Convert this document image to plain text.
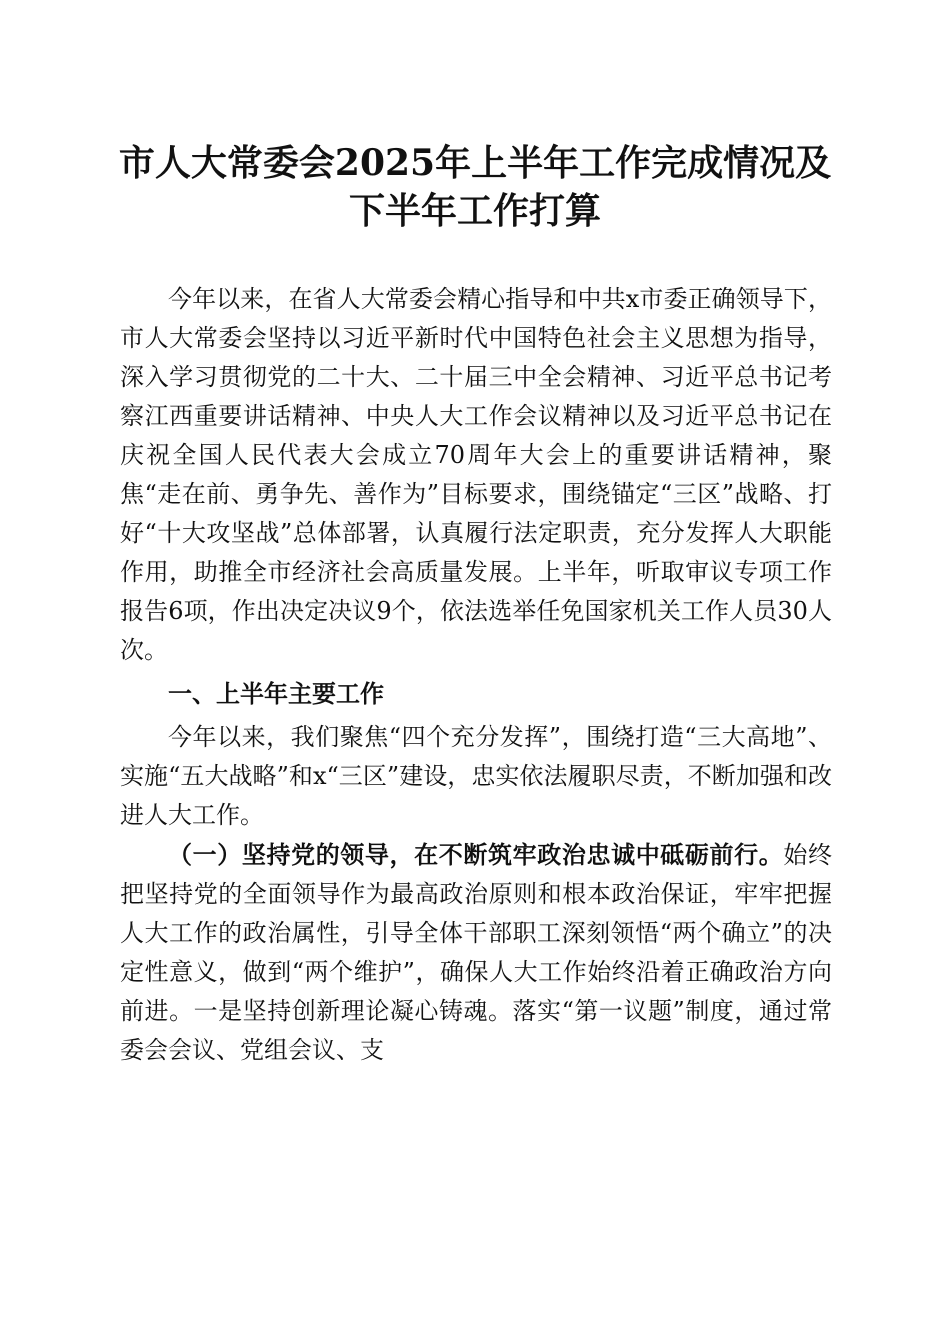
市人大常委会2025年上半年工作完成情况及
下半年工作打算

今年以来，在省人大常委会精心指导和中共x市委正确领导下，市人大常委会坚持以习近平新时代中国特色社会主义思想为指导，深入学习贯彻党的二十大、二十届三中全会精神、习近平总书记考察江西重要讲话精神、中央人大工作会议精神以及习近平总书记在庆祝全国人民代表大会成立70周年大会上的重要讲话精神，聚焦“走在前、勇争先、善作为”目标要求，围绕锚定“三区”战略、打好“十大攻坚战”总体部署，认真履行法定职责，充分发挥人大职能作用，助推全市经济社会高质量发展。上半年，听取审议专项工作报告6项，作出决定决议9个，依法选举任免国家机关工作人员30人次。

一、上半年主要工作

今年以来，我们聚焦“四个充分发挥”，围绕打造“三大高地”、实施“五大战略”和x“三区”建设，忠实依法履职尽责，不断加强和改进人大工作。

（一）坚持党的领导，在不断筑牢政治忠诚中砥砺前行。始终把坚持党的全面领导作为最高政治原则和根本政治保证，牢牢把握人大工作的政治属性，引导全体干部职工深刻领悟“两个确立”的决定性意义，做到“两个维护”，确保人大工作始终沿着正确政治方向前进。一是坚持创新理论凝心铸魂。落实“第一议题”制度，通过常委会会议、党组会议、支
